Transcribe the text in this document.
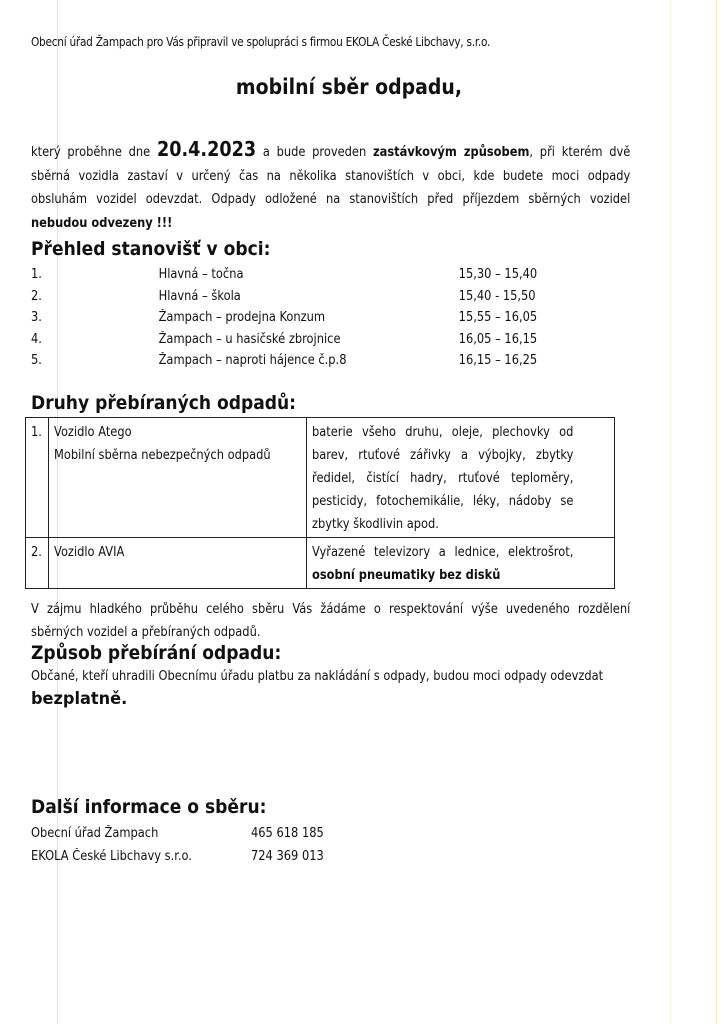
Obecní úřad Žampach pro Vás připravil ve spolupráci s firmou EKOLA České Libchavy, s.r.o.
mobilní sběr odpadu,
který proběhne dne 20.4.2023 a bude proveden zastávkovým způsobem, při kterém dvě
sběrná vozidla zastaví v určený čas na několika stanovištích v obci, kde budete moci odpady
obsluhám vozidel odevzdat. Odpady odložené na stanovištích před příjezdem sběrných vozidel
nebudou odvezeny !!!
Přehled stanovišť v obci:
1.	Hlavná – točna	15,30 – 15,40
2.	Hlavná – škola	15,40 - 15,50
3.	Žampach – prodejna Konzum	15,55 – 16,05
4.	Žampach – u hasičské zbrojnice	16,05 – 16,15
5.	Žampach – naproti hájence č.p.8	16,15 – 16,25
Druhy přebíraných odpadů:
1.	Vozidlo Atego
Mobilní sběrna nebezpečných odpadů	baterie všeho druhu, oleje, plechovky od
barev, rtuťové zářivky a výbojky, zbytky
ředidel, čistící hadry, rtuťové teploměry,
pesticidy, fotochemikálie, léky, nádoby se
zbytky škodlivin apod.

2.	Vozidlo AVIA	Vyřazené televizory a lednice, elektrošrot,
osobní pneumatiky bez disků
V zájmu hladkého průběhu celého sběru Vás žádáme o respektování výše uvedeného rozdělení
sběrných vozidel a přebíraných odpadů.
Způsob přebírání odpadu:
Občané, kteří uhradili Obecnímu úřadu platbu za nakládání s odpady, budou moci odpady odevzdat
bezplatně.
Další informace o sběru:
Obecní úřad Žampach	465 618 185
EKOLA České Libchavy s.r.o.	724 369 013
